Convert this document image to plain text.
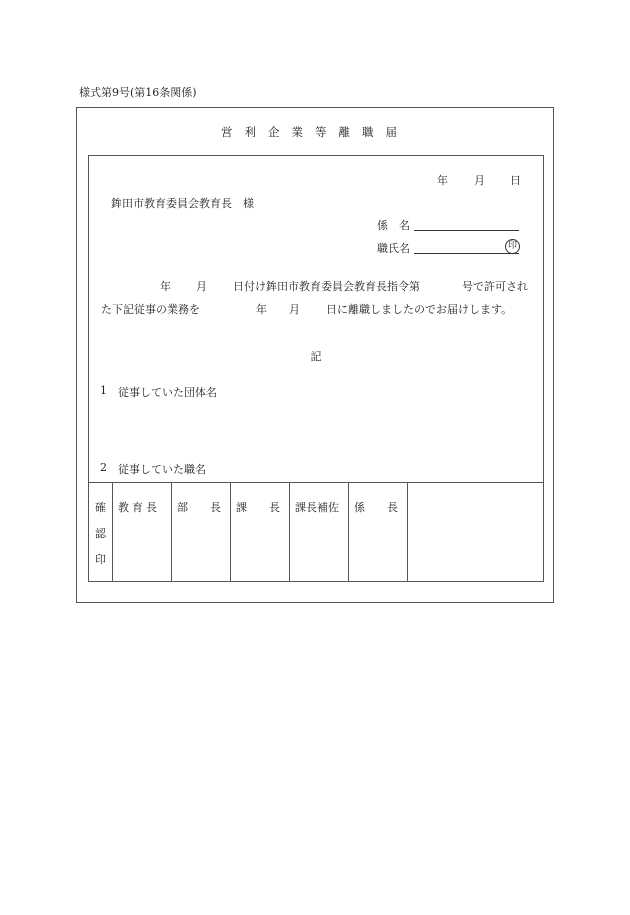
様式第9号(第16条関係)
営利企業等離職届
年 月 日
鉾田市教育委員会教育長　様
係　名
職氏名	印
年 月 日付け鉾田市教育委員会教育長指令第	号で許可され
た下記従事の業務を	年 月 日に離職しましたのでお届けします。
記
1 従事していた団体名
2 従事していた職名
確
認
印
教育長 部　　長 課　　長 課長補佐 係　　長
